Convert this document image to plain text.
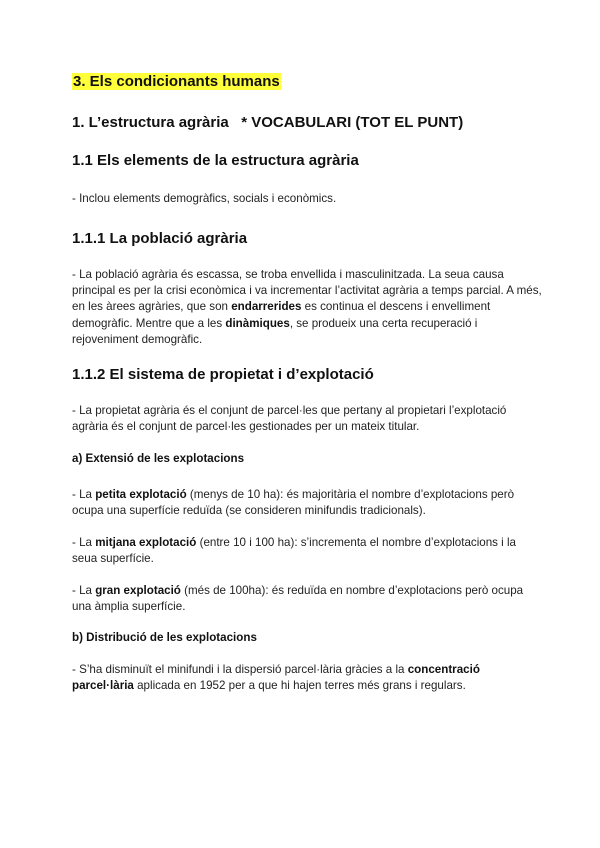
3. Els condicionants humans
1. L’estructura agrària   * VOCABULARI (TOT EL PUNT)
1.1 Els elements de la estructura agrària

- Inclou elements demogràfics, socials i econòmics.

1.1.1 La població agrària

- La població agrària és escassa, se troba envellida i masculinitzada. La seua causa principal es per la crisi econòmica i va incrementar l’activitat agrària a temps parcial. A més, en les àrees agràries, que son endarrerides es continua el descens i envelliment demogràfic. Mentre que a les dinàmiques, se produeix una certa recuperació i rejoveniment demogràfic.

1.1.2 El sistema de propietat i d’explotació

- La propietat agrària és el conjunt de parcel·les que pertany al propietari l’explotació agrària és el conjunt de parcel·les gestionades per un mateix titular.

a) Extensió de les explotacions

- La petita explotació (menys de 10 ha): és majoritària el nombre d’explotacions però ocupa una superfície reduïda (se consideren minifundis tradicionals).

- La mitjana explotació (entre 10 i 100 ha): s’incrementa el nombre d’explotacions i la seua superfície.

- La gran explotació (més de 100ha): és reduïda en nombre d’explotacions però ocupa una àmplia superfície.

b) Distribució de les explotacions

- S’ha disminuït el minifundi i la dispersió parcel·lària gràcies a la concentració parcel·lària aplicada en 1952 per a que hi hajen terres més grans i regulars.
